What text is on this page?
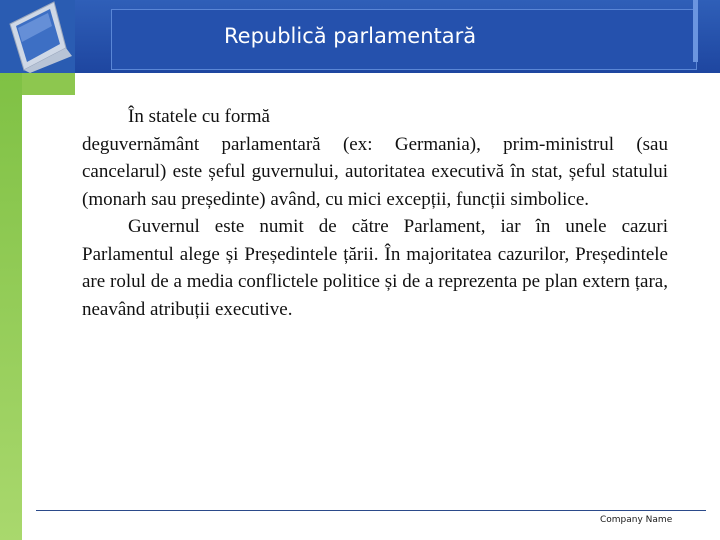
Republică parlamentară

În statele cu formă

deguvernământ parlamentară (ex: Germania), prim-ministrul (sau cancelarul) este șeful guvernului, autoritatea executivă în stat, șeful statului (monarh sau președinte) având, cu mici excepții, funcții simbolice.

Guvernul este numit de către Parlament, iar în unele cazuri Parlamentul alege și Președintele țării. În majoritatea cazurilor, Președintele are rolul de a media conflictele politice și de a reprezenta pe plan extern țara, neavând atribuții executive.

Company Name
